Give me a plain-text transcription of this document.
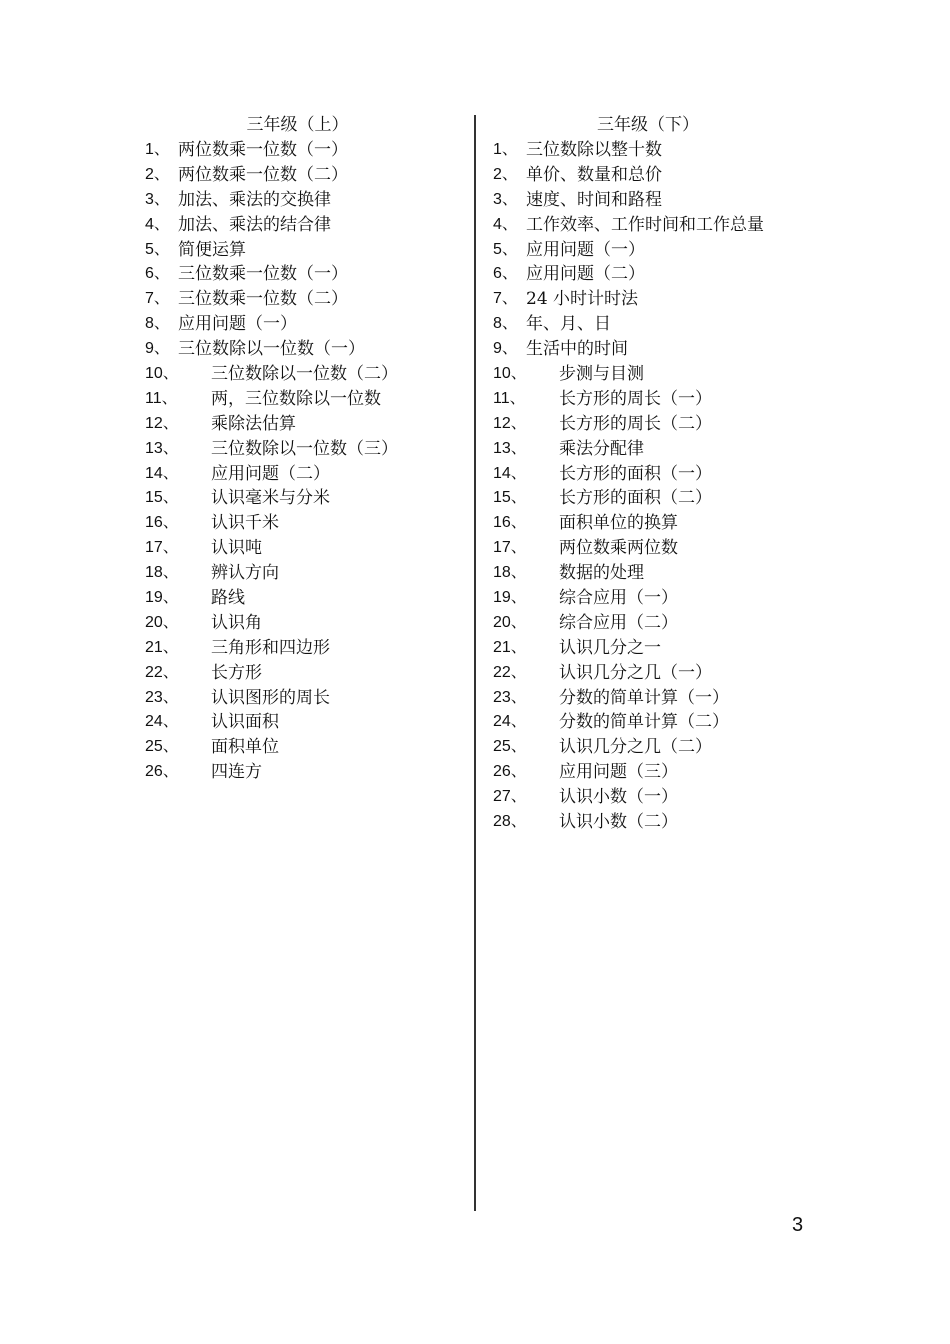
三年级（上）
1、 两位数乘一位数（一）
2、 两位数乘一位数（二）
3、 加法、乘法的交换律
4、 加法、乘法的结合律
5、 简便运算
6、 三位数乘一位数（一）
7、 三位数乘一位数（二）
8、 应用问题（一）
9、 三位数除以一位数（一）
10、 三位数除以一位数（二）
11、 两，三位数除以一位数
12、 乘除法估算
13、 三位数除以一位数（三）
14、 应用问题（二）
15、 认识毫米与分米
16、 认识千米
17、 认识吨
18、 辨认方向
19、 路线
20、 认识角
21、 三角形和四边形
22、 长方形
23、 认识图形的周长
24、 认识面积
25、 面积单位
26、 四连方
三年级（下）
1、 三位数除以整十数
2、 单价、数量和总价
3、 速度、时间和路程
4、 工作效率、工作时间和工作总量
5、 应用问题（一）
6、 应用问题（二）
7、 24 小时计时法
8、 年、月、日
9、 生活中的时间
10、 步测与目测
11、 长方形的周长（一）
12、 长方形的周长（二）
13、 乘法分配律
14、 长方形的面积（一）
15、 长方形的面积（二）
16、 面积单位的换算
17、 两位数乘两位数
18、 数据的处理
19、 综合应用（一）
20、 综合应用（二）
21、 认识几分之一
22、 认识几分之几（一）
23、 分数的简单计算（一）
24、 分数的简单计算（二）
25、 认识几分之几（二）
26、 应用问题（三）
27、 认识小数（一）
28、 认识小数（二）
3
